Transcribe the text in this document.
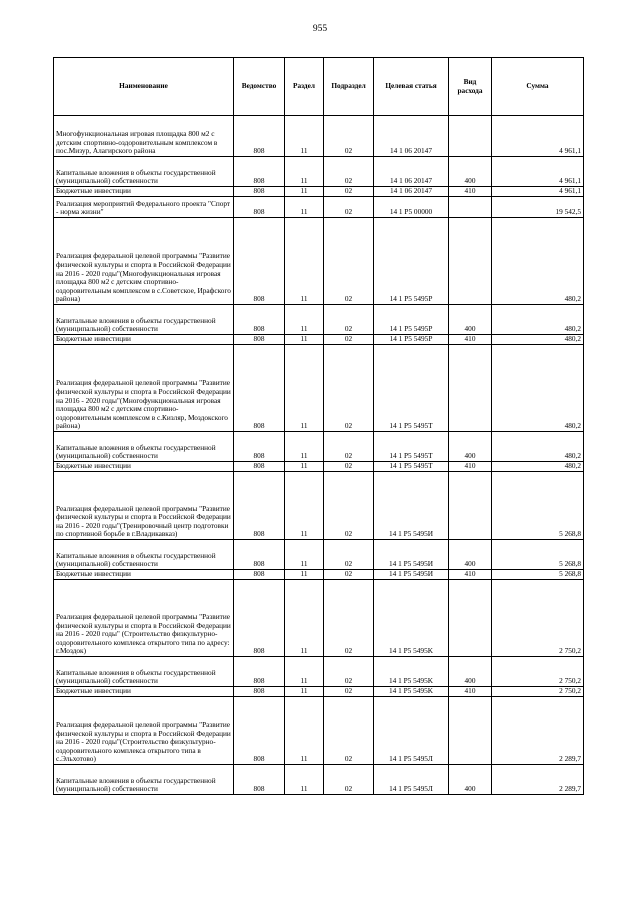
955
Наименование	Ведомство	Раздел	Подраздел	Целевая статья	Вид расхода	Сумма
Многофункциональная игровая площадка 800 м2 с детским спортивно-оздоровительным комплексом в пос.Мизур, Алагирского района	808	11	02	14 1 06 20147		4 961,1
Капитальные вложения в объекты государственной (муниципальной) собственности	808	11	02	14 1 06 20147	400	4 961,1
Бюджетные инвестиции	808	11	02	14 1 06 20147	410	4 961,1
Реализация мероприятий Федерального проекта "Спорт - норма жизни"	808	11	02	14 1 P5 00000		19 542,5
Реализация федеральной целевой программы "Развитие физической культуры и спорта в Российской Федерации на 2016 - 2020 годы"(Многофункциональная игровая площадка 800 м2 с детским спортивно-оздоровительным комплексом в с.Советское, Ирафского района)	808	11	02	14 1 P5 5495P		480,2
Капитальные вложения в объекты государственной (муниципальной) собственности	808	11	02	14 1 P5 5495P	400	480,2
Бюджетные инвестиции	808	11	02	14 1 P5 5495P	410	480,2
Реализация федеральной целевой программы "Развитие физической культуры и спорта в Российской Федерации на 2016 - 2020 годы"(Многофункциональная игровая площадка 800 м2 с детским спортивно-оздоровительным комплексом в с.Кизляр, Моздокского района)	808	11	02	14 1 P5 5495T		480,2
Капитальные вложения в объекты государственной (муниципальной) собственности	808	11	02	14 1 P5 5495T	400	480,2
Бюджетные инвестиции	808	11	02	14 1 P5 5495T	410	480,2
Реализация федеральной целевой программы "Развитие физической культуры и спорта в Российской Федерации на 2016 - 2020 годы"(Тренировочный центр подготовки по спортивной борьбе в г.Владикавказ)	808	11	02	14 1 P5 5495И		5 268,8
Капитальные вложения в объекты государственной (муниципальной) собственности	808	11	02	14 1 P5 5495И	400	5 268,8
Бюджетные инвестиции	808	11	02	14 1 P5 5495И	410	5 268,8
Реализация федеральной целевой программы "Развитие физической культуры и спорта в Российской Федерации на 2016 - 2020 годы" (Строительство физкультурно-оздоровительного комплекса открытого типа по адресу: г.Моздок)	808	11	02	14 1 P5 5495K		2 750,2
Капитальные вложения в объекты государственной (муниципальной) собственности	808	11	02	14 1 P5 5495K	400	2 750,2
Бюджетные инвестиции	808	11	02	14 1 P5 5495K	410	2 750,2
Реализация федеральной целевой программы "Развитие физической культуры и спорта в Российской Федерации на 2016 - 2020 годы"(Строительство физкультурно-оздоровительного комплекса открытого типа в с.Эльхотово)	808	11	02	14 1 P5 5495Л		2 289,7
Капитальные вложения в объекты государственной (муниципальной) собственности	808	11	02	14 1 P5 5495Л	400	2 289,7
